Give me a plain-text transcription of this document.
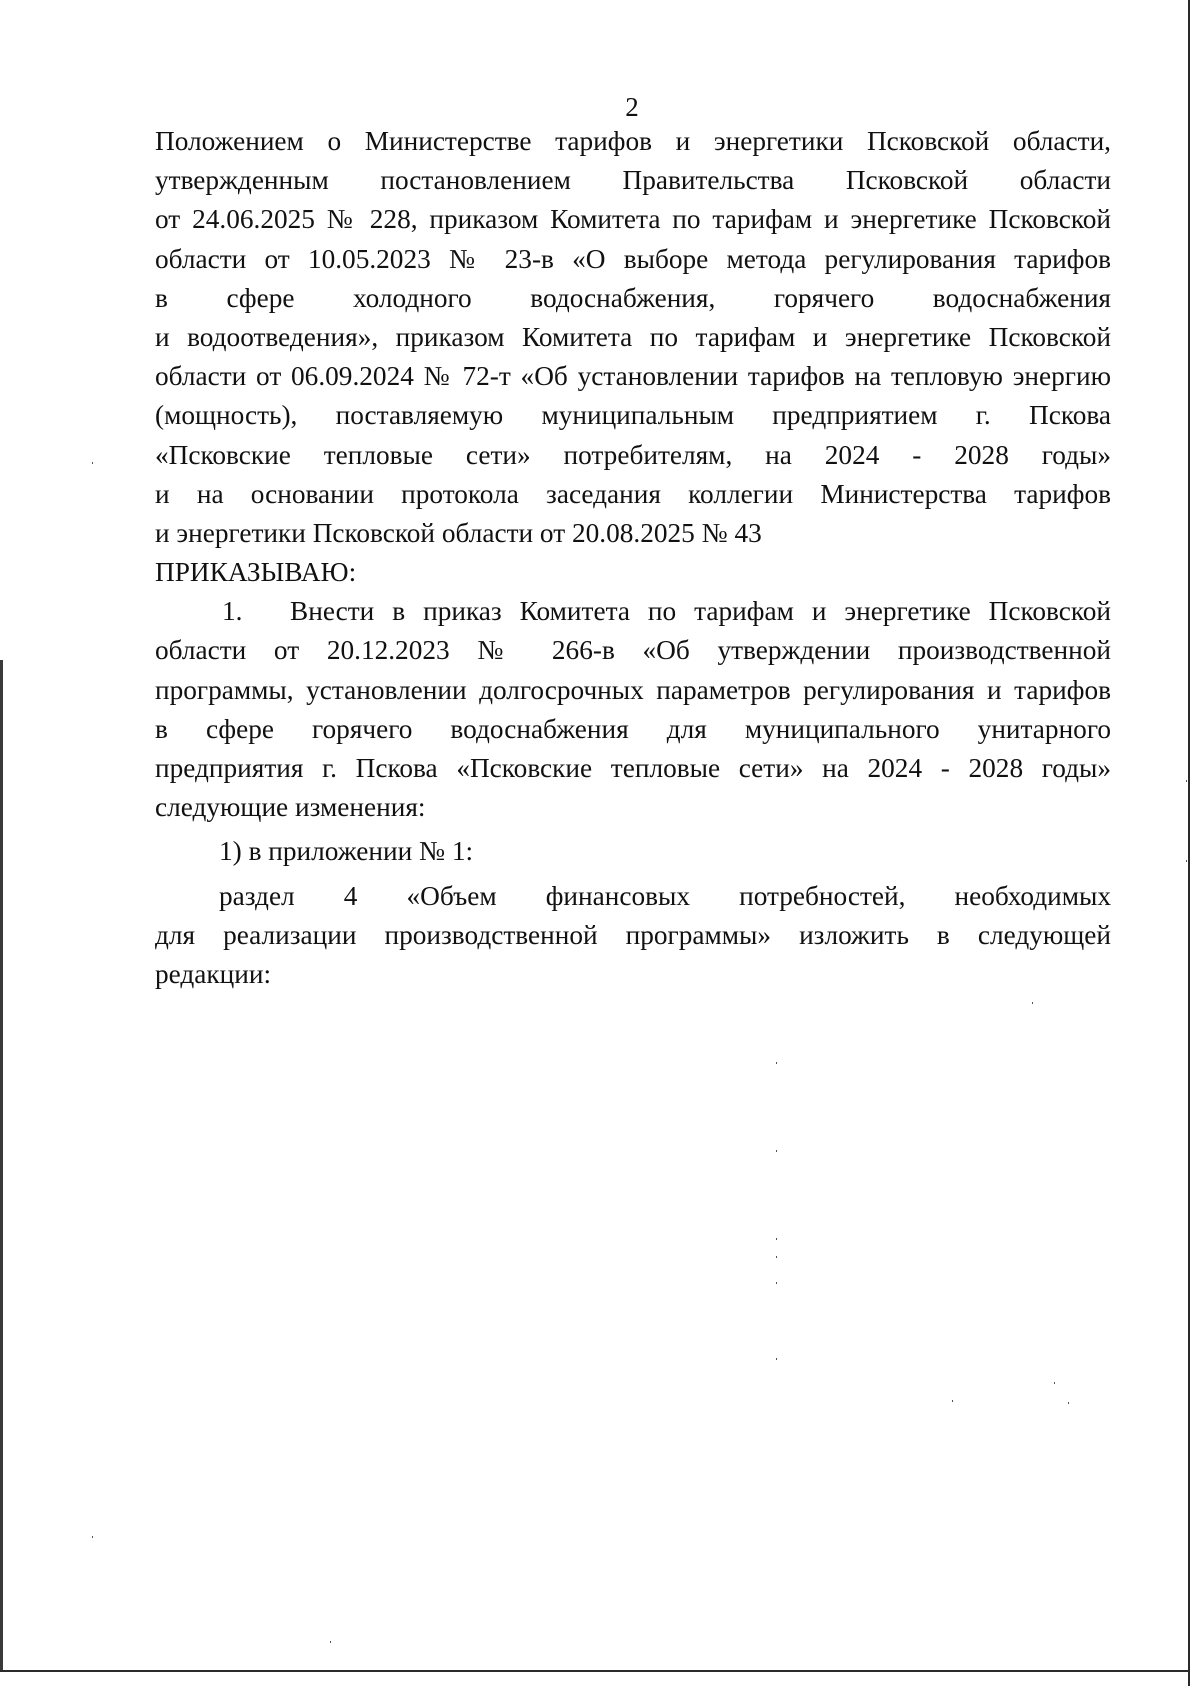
2
Положением о Министерстве тарифов и энергетики Псковской области,
утвержденным постановлением Правительства Псковской области
от 24.06.2025 № 228, приказом Комитета по тарифам и энергетике Псковской
области от 10.05.2023 № 23-в «О выборе метода регулирования тарифов
в сфере холодного водоснабжения, горячего водоснабжения
и водоотведения», приказом Комитета по тарифам и энергетике Псковской
области от 06.09.2024 № 72-т «Об установлении тарифов на тепловую энергию
(мощность), поставляемую муниципальным предприятием г. Пскова
«Псковские тепловые сети» потребителям, на 2024 - 2028 годы»
и на основании протокола заседания коллегии Министерства тарифов
и энергетики Псковской области от 20.08.2025 № 43
ПРИКАЗЫВАЮ:
1. Внести в приказ Комитета по тарифам и энергетике Псковской
области от 20.12.2023 № 266-в «Об утверждении производственной
программы, установлении долгосрочных параметров регулирования и тарифов
в сфере горячего водоснабжения для муниципального унитарного
предприятия г. Пскова «Псковские тепловые сети» на 2024 - 2028 годы»
следующие изменения:
1) в приложении № 1:
раздел 4 «Объем финансовых потребностей, необходимых
для реализации производственной программы» изложить в следующей
редакции:
